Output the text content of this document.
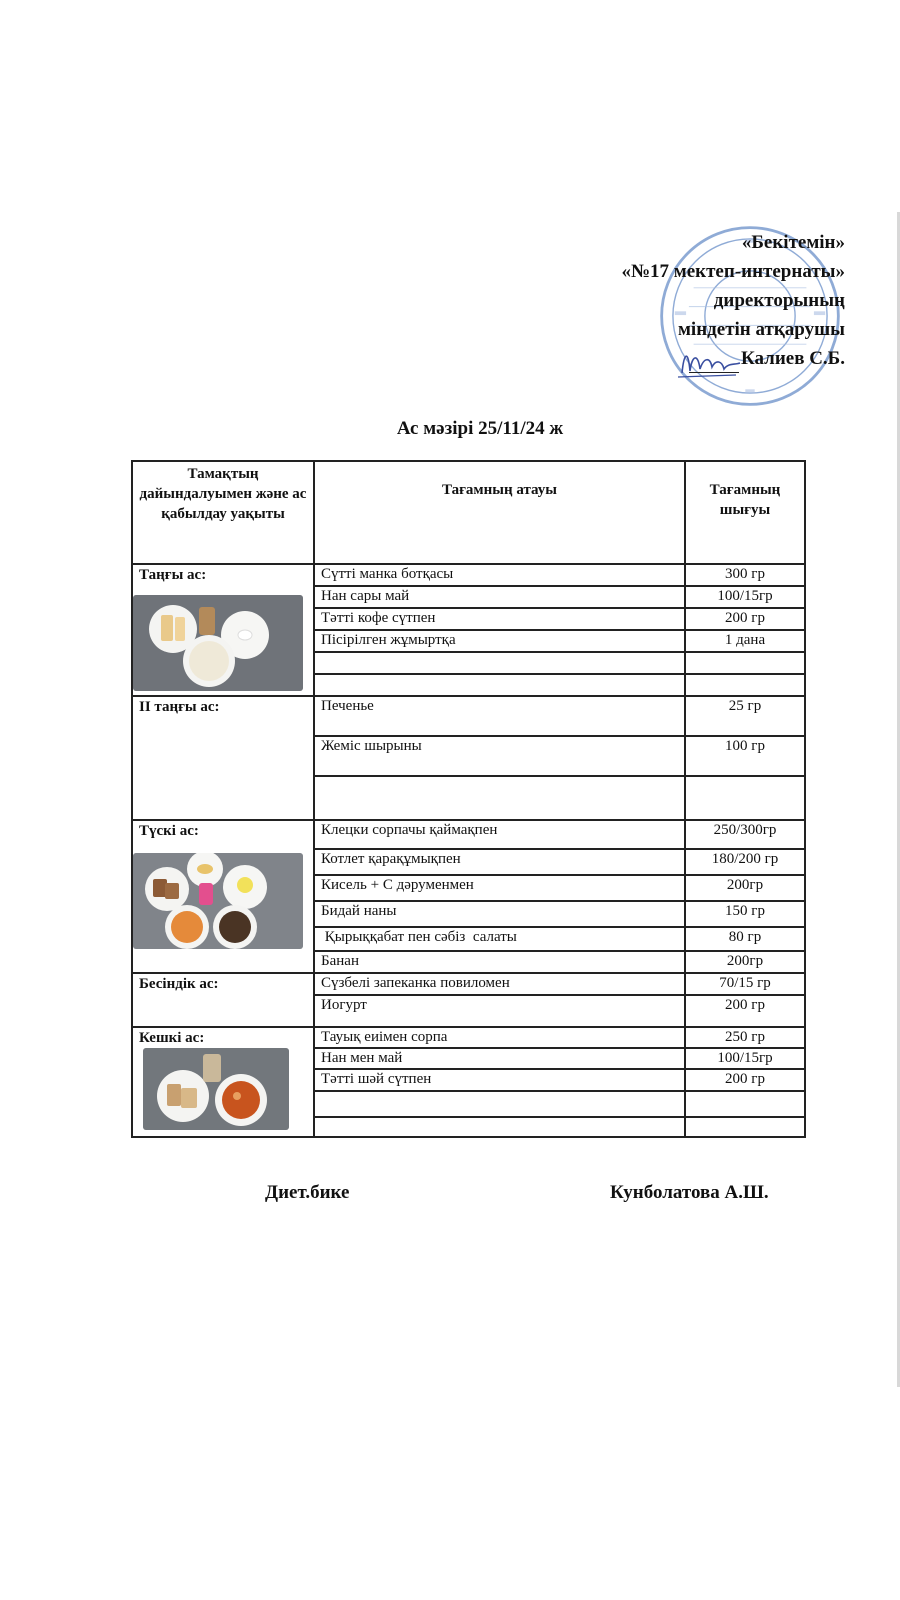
«Бекітемін»
«№17 мектеп-интернаты»
директорының
міндетін атқарушы
Калиев С.Б.
Ас мәзірі 25/11/24 ж
Тамақтың дайындалуымен және ас қабылдау уақыты	Тағамның атауы	Тағамның шығуы

Таңғы ас:	Сүтті манка ботқасы	300 гр
	Нан сары май	100/15гр
	Тәтті кофе сүтпен	200 гр
	Пісірілген жұмыртқа	1 дана

ІІ таңғы ас:	Печенье	25 гр
	Жеміс шырыны	100 гр

Түскі ас:	Клецки сорпачы қаймақпен	250/300гр
	Котлет қарақұмықпен	180/200 гр
	Кисель + С дәруменмен	200гр
	Бидай наны	150 гр
	Қырыққабат пен сәбіз  салаты	80 гр
	Банан	200гр

Бесіндік ас:	Сүзбелі запеканка повиломен	70/15 гр
	Иогурт	200 гр

Кешкі ас:	Тауық еиімен сорпа	250 гр
	Нан мен май	100/15гр
	Тәтті шәй сүтпен	200 гр

Диет.бике	Кунболатова А.Ш.
